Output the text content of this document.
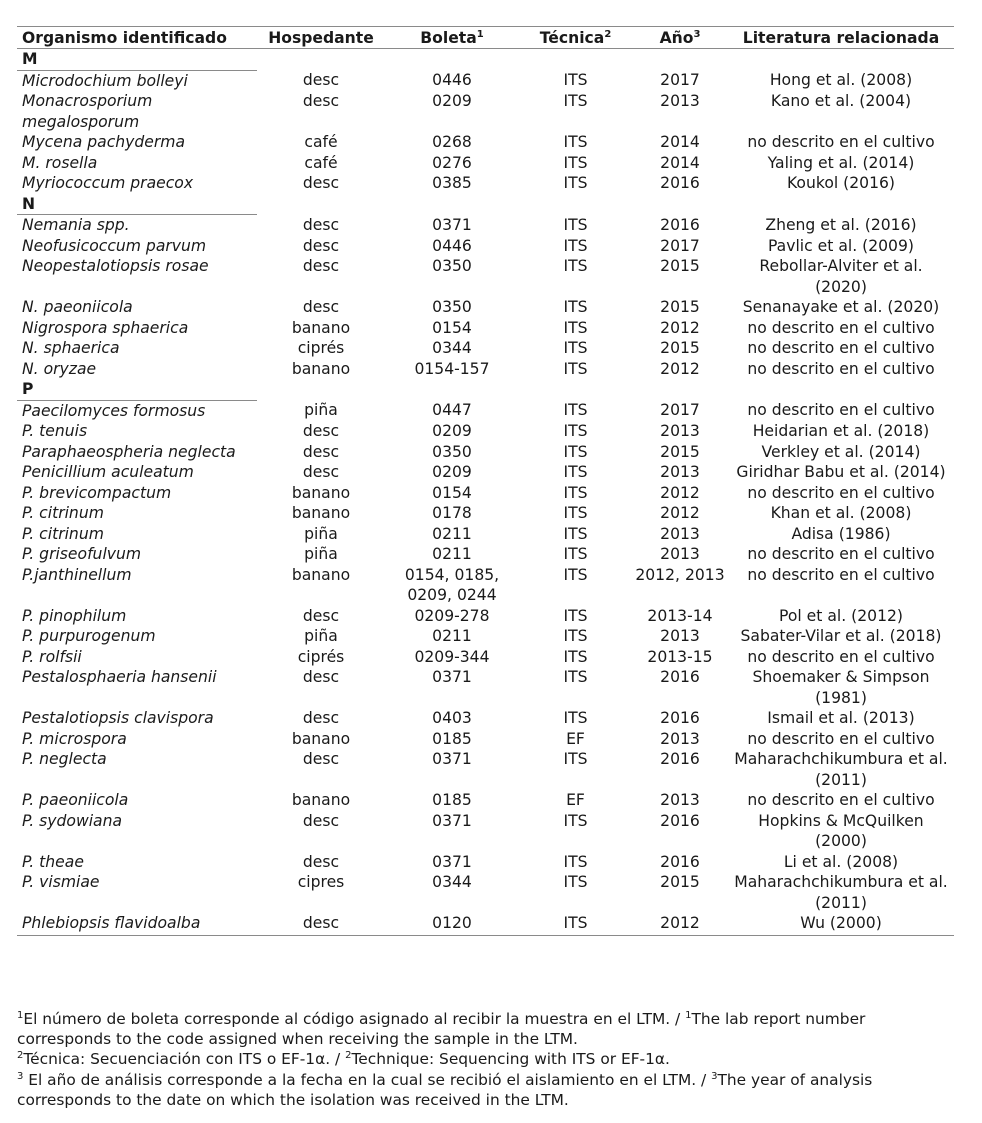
Organismo identificado	Hospedante	Boleta$^1$	Técnica$^2$	Año$^3$	Literatura relacionada
M					
Microdochium bolleyi	desc	0446	ITS	2017	Hong et al. (2008)
Monacrosporium megalosporum	desc	0209	ITS	2013	Kano et al. (2004)
Mycena pachyderma	café	0268	ITS	2014	no descrito en el cultivo
M. rosella	café	0276	ITS	2014	Yaling et al. (2014)
Myriococcum praecox	desc	0385	ITS	2016	Koukol (2016)
N					
Nemania spp.	desc	0371	ITS	2016	Zheng et al. (2016)
Neofusicoccum parvum	desc	0446	ITS	2017	Pavlic et al. (2009)
Neopestalotiopsis rosae	desc	0350	ITS	2015	Rebollar-Alviter et al. (2020)
N. paeoniicola	desc	0350	ITS	2015	Senanayake et al. (2020)
Nigrospora sphaerica	banano	0154	ITS	2012	no descrito en el cultivo
N. sphaerica	ciprés	0344	ITS	2015	no descrito en el cultivo
N. oryzae	banano	0154-157	ITS	2012	no descrito en el cultivo
P					
Paecilomyces formosus	piña	0447	ITS	2017	no descrito en el cultivo
P. tenuis	desc	0209	ITS	2013	Heidarian et al. (2018)
Paraphaeospheria neglecta	desc	0350	ITS	2015	Verkley et al. (2014)
Penicillium aculeatum	desc	0209	ITS	2013	Giridhar Babu et al. (2014)
P. brevicompactum	banano	0154	ITS	2012	no descrito en el cultivo
P. citrinum	banano	0178	ITS	2012	Khan et al. (2008)
P. citrinum	piña	0211	ITS	2013	Adisa (1986)
P. griseofulvum	piña	0211	ITS	2013	no descrito en el cultivo
P.janthinellum	banano	0154, 0185, 0209, 0244	ITS	2012, 2013	no descrito en el cultivo
P. pinophilum	desc	0209-278	ITS	2013-14	Pol et al. (2012)
P. purpurogenum	piña	0211	ITS	2013	Sabater-Vilar et al. (2018)
P. rolfsii	ciprés	0209-344	ITS	2013-15	no descrito en el cultivo
Pestalosphaeria hansenii	desc	0371	ITS	2016	Shoemaker & Simpson (1981)
Pestalotiopsis clavispora	desc	0403	ITS	2016	Ismail et al. (2013)
P. microspora	banano	0185	EF	2013	no descrito en el cultivo
P. neglecta	desc	0371	ITS	2016	Maharachchikumbura et al. (2011)
P. paeoniicola	banano	0185	EF	2013	no descrito en el cultivo
P. sydowiana	desc	0371	ITS	2016	Hopkins & McQuilken (2000)
P. theae	desc	0371	ITS	2016	Li et al. (2008)
P. vismiae	cipres	0344	ITS	2015	Maharachchikumbura et al. (2011)
Phlebiopsis flavidoalba	desc	0120	ITS	2012	Wu (2000)

$^1$El número de boleta corresponde al código asignado al recibir la muestra en el LTM. / $^1$The lab report number corresponds to the code assigned when receiving the sample in the LTM.

$^2$Técnica: Secuenciación con ITS o EF-1α. / $^2$Technique: Sequencing with ITS or EF-1α.

$^3$ El año de análisis corresponde a la fecha en la cual se recibió el aislamiento en el LTM. / $^3$The year of analysis corresponds to the date on which the isolation was received in the LTM.
